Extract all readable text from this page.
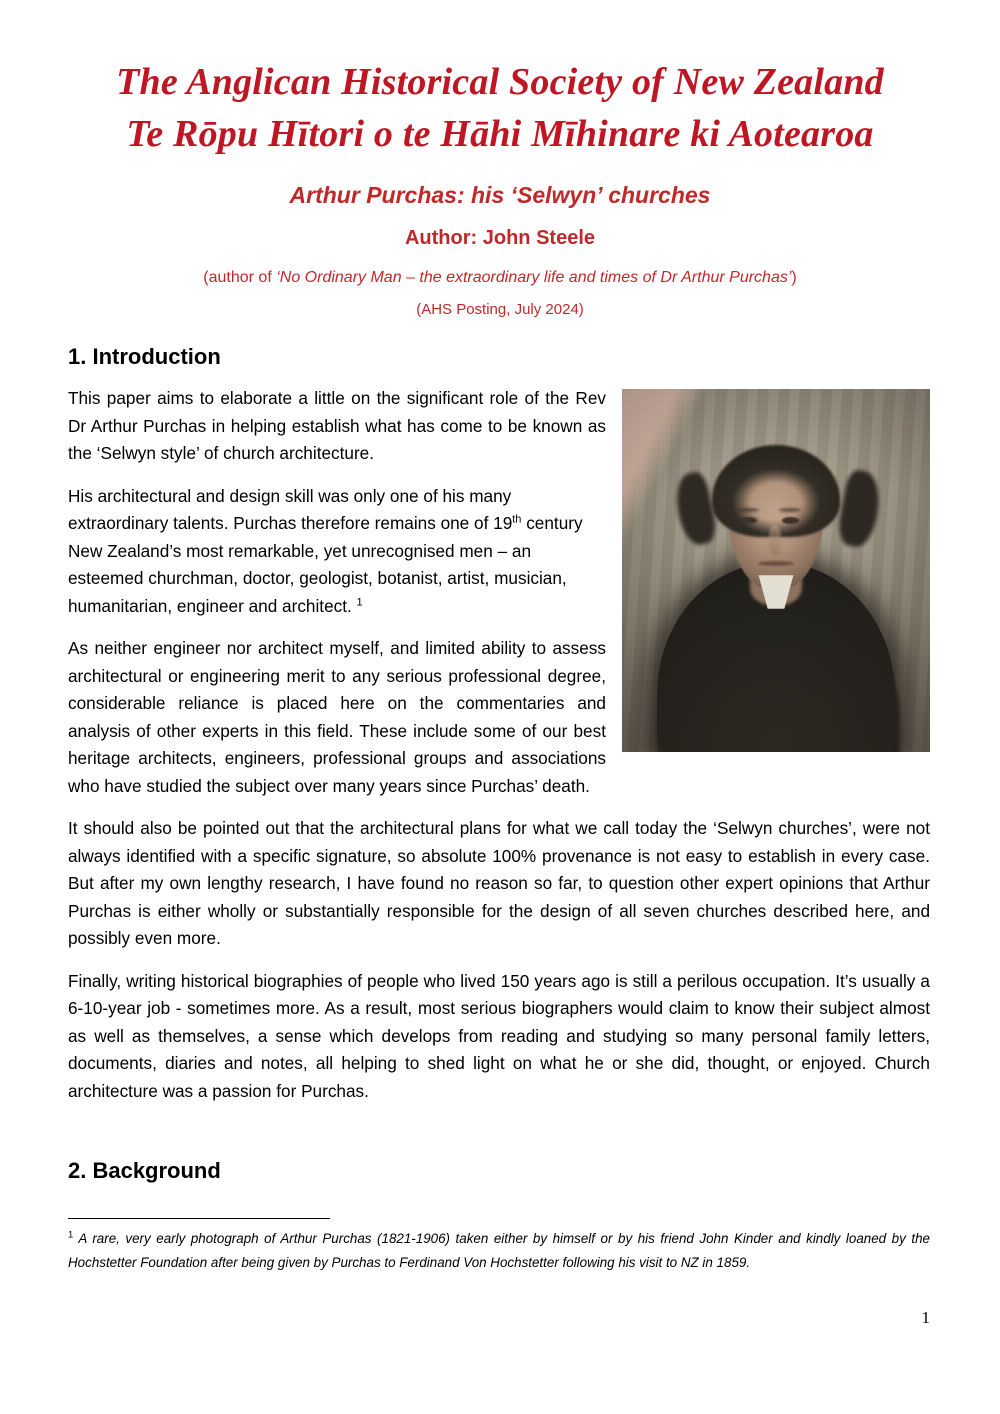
The Anglican Historical Society of New Zealand
Te Rōpu Hītori o te Hāhi Mīhinare ki Aotearoa
Arthur Purchas: his ‘Selwyn’ churches
Author: John Steele
(author of ‘No Ordinary Man – the extraordinary life and times of Dr Arthur Purchas’)
(AHS Posting, July 2024)
1. Introduction

This paper aims to elaborate a little on the significant role of the Rev Dr Arthur Purchas in helping establish what has come to be known as the ‘Selwyn style’ of church architecture.

His architectural and design skill was only one of his many extraordinary talents. Purchas therefore remains one of 19th century New Zealand’s most remarkable, yet unrecognised men – an esteemed churchman, doctor, geologist, botanist, artist, musician, humanitarian, engineer and architect. $^1$

As neither engineer nor architect myself, and limited ability to assess architectural or engineering merit to any serious professional degree, considerable reliance is placed here on the commentaries and analysis of other experts in this field. These include some of our best heritage architects, engineers, professional groups and associations who have studied the subject over many years since Purchas’ death.

It should also be pointed out that the architectural plans for what we call today the ‘Selwyn churches’, were not always identified with a specific signature, so absolute 100% provenance is not easy to establish in every case. But after my own lengthy research, I have found no reason so far, to question other expert opinions that Arthur Purchas is either wholly or substantially responsible for the design of all seven churches described here, and possibly even more.

Finally, writing historical biographies of people who lived 150 years ago is still a perilous occupation. It’s usually a 6-10-year job - sometimes more. As a result, most serious biographers would claim to know their subject almost as well as themselves, a sense which develops from reading and studying so many personal family letters, documents, diaries and notes, all helping to shed light on what he or she did, thought, or enjoyed. Church architecture was a passion for Purchas.

2. Background

$^1$ A rare, very early photograph of Arthur Purchas (1821-1906) taken either by himself or by his friend John Kinder and kindly loaned by the Hochstetter Foundation after being given by Purchas to Ferdinand Von Hochstetter following his visit to NZ in 1859.

1
